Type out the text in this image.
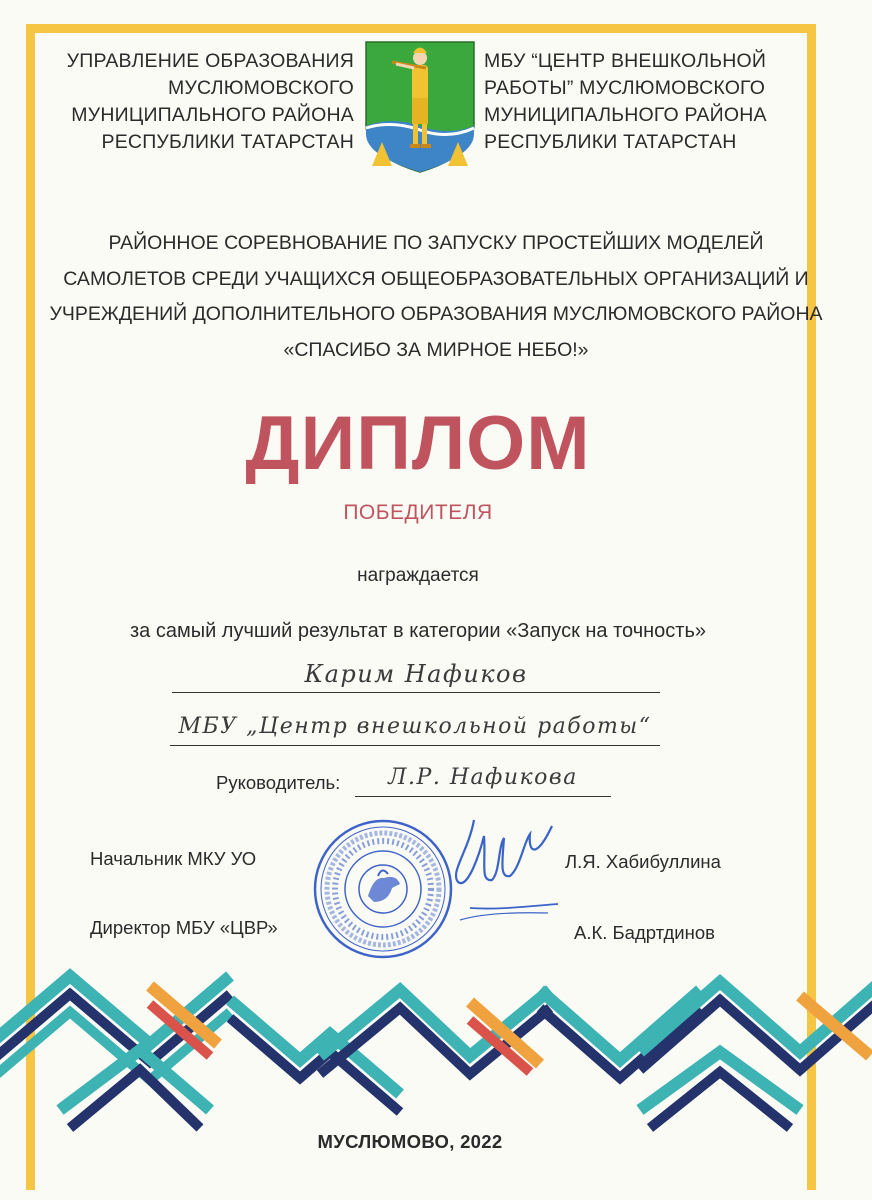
УПРАВЛЕНИЕ ОБРАЗОВАНИЯ
МУСЛЮМОВСКОГО
МУНИЦИПАЛЬНОГО РАЙОНА
РЕСПУБЛИКИ ТАТАРСТАН
МБУ “ЦЕНТР ВНЕШКОЛЬНОЙ
РАБОТЫ” МУСЛЮМОВСКОГО
МУНИЦИПАЛЬНОГО РАЙОНА
РЕСПУБЛИКИ ТАТАРСТАН
РАЙОННОЕ СОРЕВНОВАНИЕ ПО ЗАПУСКУ ПРОСТЕЙШИХ МОДЕЛЕЙ
САМОЛЕТОВ СРЕДИ УЧАЩИХСЯ ОБЩЕОБРАЗОВАТЕЛЬНЫХ ОРГАНИЗАЦИЙ И
УЧРЕЖДЕНИЙ ДОПОЛНИТЕЛЬНОГО ОБРАЗОВАНИЯ МУСЛЮМОВСКОГО РАЙОНА
«СПАСИБО ЗА МИРНОЕ НЕБО!»
ДИПЛОМ
ПОБЕДИТЕЛЯ
награждается
за самый лучший результат в категории «Запуск на точность»
Карим Нафиков
МБУ „Центр внешкольной работы“
Руководитель:	Л.Р. Нафикова
Начальник МКУ УО	Л.Я. Хабибуллина
Директор МБУ «ЦВР»	А.К. Бадртдинов
МУСЛЮМОВО, 2022
